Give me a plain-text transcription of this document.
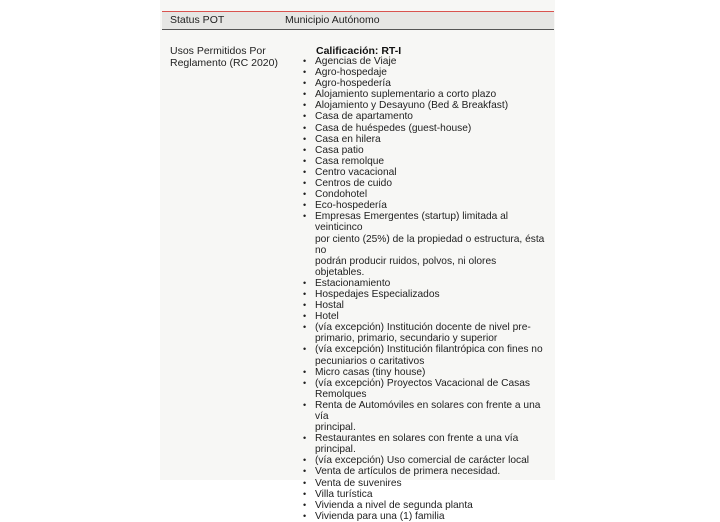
Status POT	Municipio Autónomo
Usos Permitidos Por
Reglamento (RC 2020)
Calificación: RT-I
• Agencias de Viaje
• Agro-hospedaje
• Agro-hospedería
• Alojamiento suplementario a corto plazo
• Alojamiento y Desayuno (Bed & Breakfast)
• Casa de apartamento
• Casa de huéspedes (guest-house)
• Casa en hilera
• Casa patio
• Casa remolque
• Centro vacacional
• Centros de cuido
• Condohotel
• Eco-hospedería
• Empresas Emergentes (startup) limitada al veinticinco
por ciento (25%) de la propiedad o estructura, ésta no
podrán producir ruidos, polvos, ni olores objetables.
• Estacionamiento
• Hospedajes Especializados
• Hostal
• Hotel
• (vía excepción) Institución docente de nivel pre-
primario, primario, secundario y superior
• (vía excepción) Institución filantrópica con fines no
pecuniarios o caritativos
• Micro casas (tiny house)
• (vía excepción) Proyectos Vacacional de Casas
Remolques
• Renta de Automóviles en solares con frente a una vía
principal.
• Restaurantes en solares con frente a una vía principal.
• (vía excepción) Uso comercial de carácter local
• Venta de artículos de primera necesidad.
• Venta de suvenires
• Villa turística
• Vivienda a nivel de segunda planta
• Vivienda para una (1) familia
